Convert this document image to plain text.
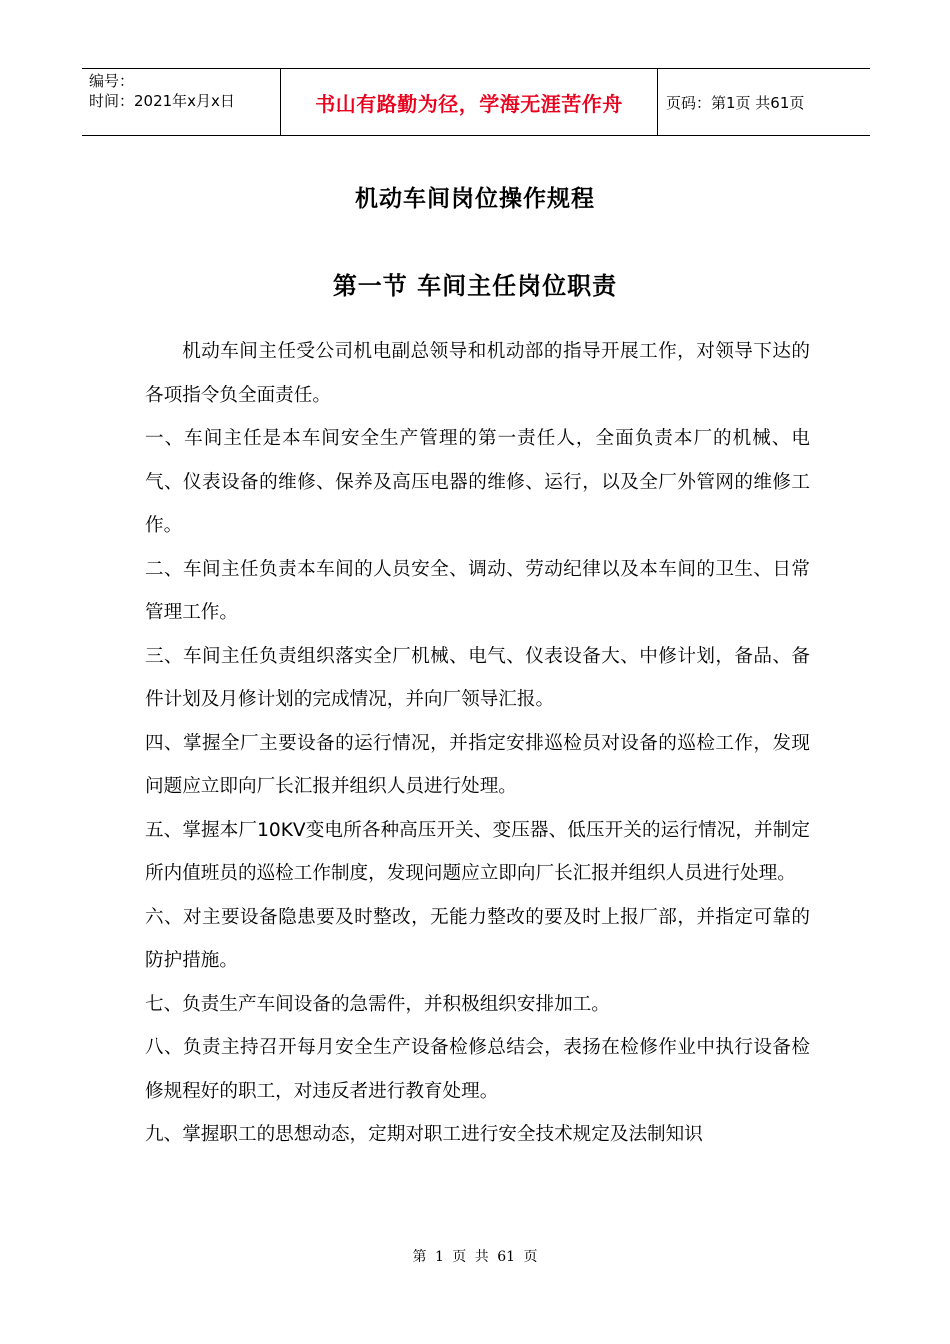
编号：
时间：2021年x月x日	书山有路勤为径，学海无涯苦作舟	页码：第1页 共61页
机动车间岗位操作规程
第一节 车间主任岗位职责

机动车间主任受公司机电副总领导和机动部的指导开展工作，对领导下达的各项指令负全面责任。

一、车间主任是本车间安全生产管理的第一责任人，全面负责本厂的机械、电气、仪表设备的维修、保养及高压电器的维修、运行，以及全厂外管网的维修工作。

二、车间主任负责本车间的人员安全、调动、劳动纪律以及本车间的卫生、日常管理工作。

三、车间主任负责组织落实全厂机械、电气、仪表设备大、中修计划，备品、备件计划及月修计划的完成情况，并向厂领导汇报。

四、掌握全厂主要设备的运行情况，并指定安排巡检员对设备的巡检工作，发现问题应立即向厂长汇报并组织人员进行处理。

五、掌握本厂10KV变电所各种高压开关、变压器、低压开关的运行情况，并制定所内值班员的巡检工作制度，发现问题应立即向厂长汇报并组织人员进行处理。

六、对主要设备隐患要及时整改，无能力整改的要及时上报厂部，并指定可靠的防护措施。

七、负责生产车间设备的急需件，并积极组织安排加工。

八、负责主持召开每月安全生产设备检修总结会，表扬在检修作业中执行设备检修规程好的职工，对违反者进行教育处理。

九、掌握职工的思想动态，定期对职工进行安全技术规定及法制知识

第 1 页 共 61 页
